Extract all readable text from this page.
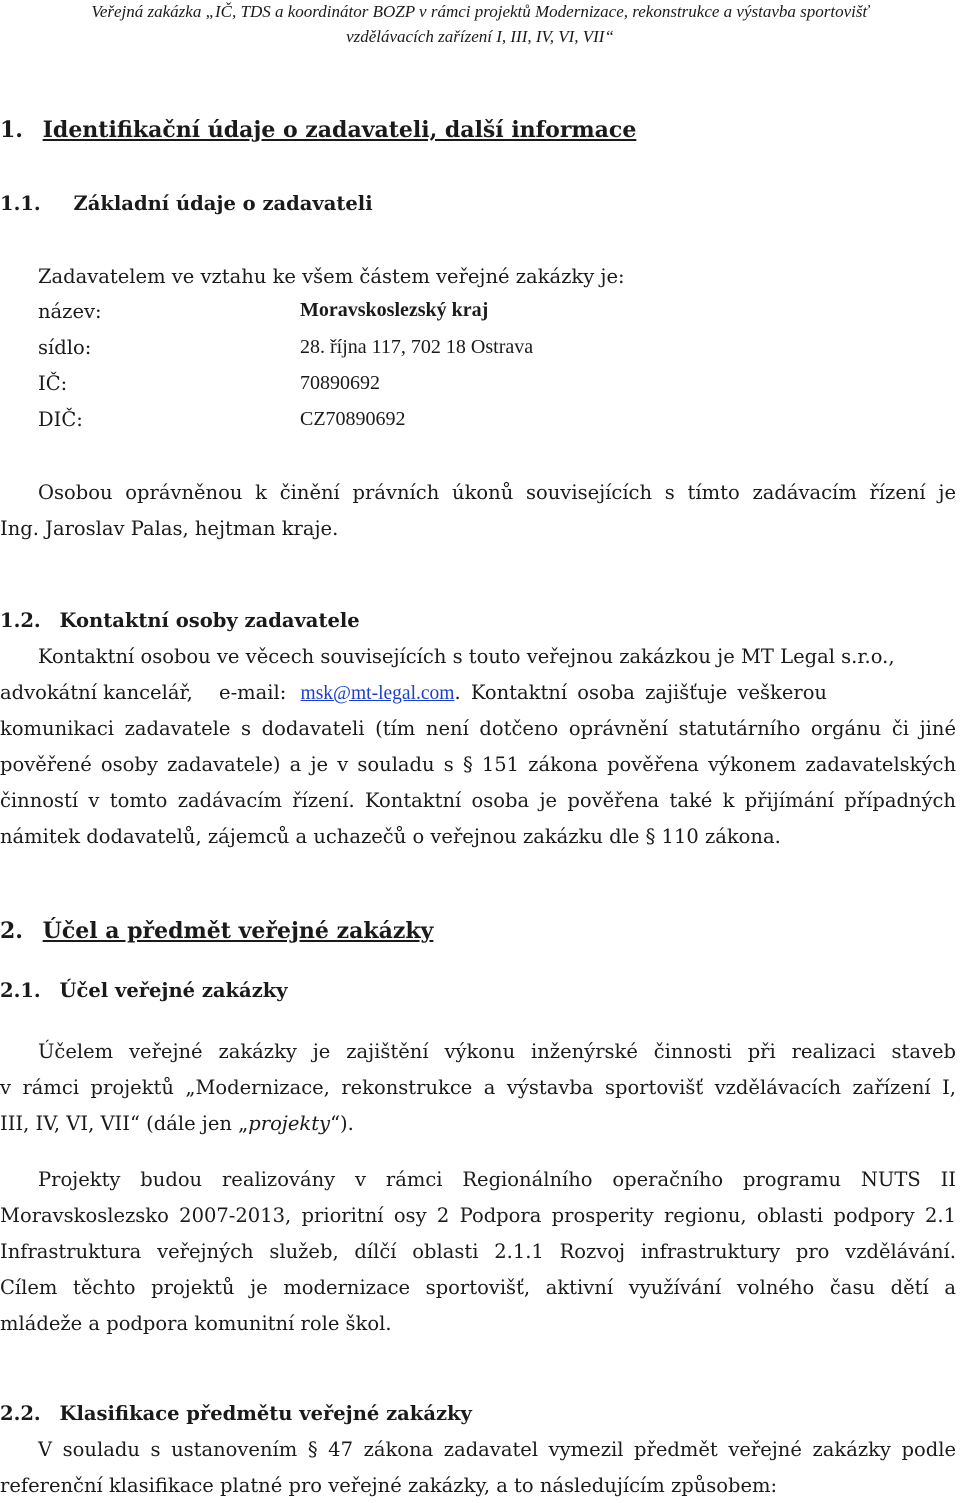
Veřejná zakázka „IČ, TDS a koordinátor BOZP v rámci projektů Modernizace, rekonstrukce a výstavba sportovišť
vzdělávacích zařízení I, III, IV, VI, VII“
1. Identifikační údaje o zadavateli, další informace
1.1. Základní údaje o zadavateli
Zadavatelem ve vztahu ke všem částem veřejné zakázky je:
název:	Moravskoslezský kraj
sídlo:	28. října 117, 702 18 Ostrava
IČ:	70890692
DIČ:	CZ70890692
Osobou oprávněnou k činění právních úkonů souvisejících s tímto zadávacím řízení je
Ing. Jaroslav Palas, hejtman kraje.
1.2. Kontaktní osoby zadavatele
Kontaktní osobou ve věcech souvisejících s touto veřejnou zakázkou je MT Legal s.r.o.,
advokátní kancelář, e-mail: msk@mt-legal.com. Kontaktní osoba zajišťuje veškerou
komunikaci zadavatele s dodavateli (tím není dotčeno oprávnění statutárního orgánu či jiné
pověřené osoby zadavatele) a je v souladu s § 151 zákona pověřena výkonem zadavatelských
činností v tomto zadávacím řízení. Kontaktní osoba je pověřena také k přijímání případných
námitek dodavatelů, zájemců a uchazečů o veřejnou zakázku dle § 110 zákona.
2. Účel a předmět veřejné zakázky
2.1. Účel veřejné zakázky
Účelem veřejné zakázky je zajištění výkonu inženýrské činnosti při realizaci staveb
v rámci projektů „Modernizace, rekonstrukce a výstavba sportovišť vzdělávacích zařízení I,
III, IV, VI, VII“ (dále jen „projekty“).
Projekty budou realizovány v rámci Regionálního operačního programu NUTS II
Moravskoslezsko 2007-2013, prioritní osy 2 Podpora prosperity regionu, oblasti podpory 2.1
Infrastruktura veřejných služeb, dílčí oblasti 2.1.1 Rozvoj infrastruktury pro vzdělávání.
Cílem těchto projektů je modernizace sportovišť, aktivní využívání volného času dětí a
mládeže a podpora komunitní role škol.
2.2. Klasifikace předmětu veřejné zakázky
V souladu s ustanovením § 47 zákona zadavatel vymezil předmět veřejné zakázky podle
referenční klasifikace platné pro veřejné zakázky, a to následujícím způsobem:
